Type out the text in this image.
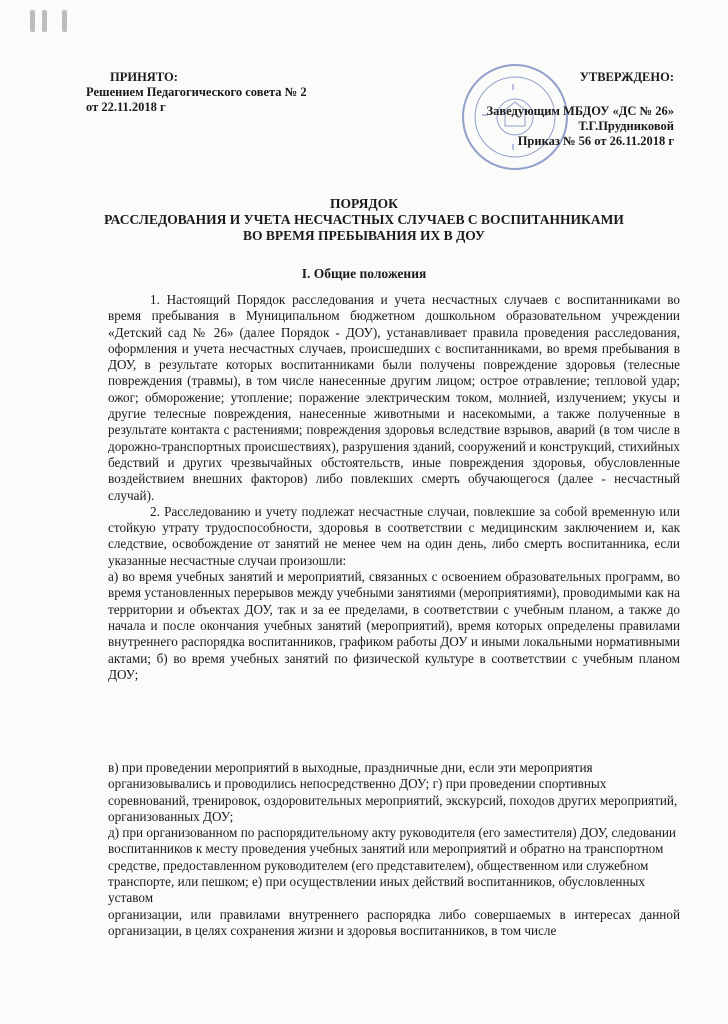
ПРИНЯТО:
Решением Педагогического совета № 2
от 22.11.2018 г
УТВЕРЖДЕНО:
Заведующим МБДОУ «ДС № 26»
Т.Г.Прудниковой
Приказ № 56 от 26.11.2018 г
ПОРЯДОК
РАССЛЕДОВАНИЯ И УЧЕТА НЕСЧАСТНЫХ СЛУЧАЕВ С ВОСПИТАННИКАМИ
ВО ВРЕМЯ ПРЕБЫВАНИЯ ИХ В ДОУ
I. Общие положения

1. Настоящий Порядок расследования и учета несчастных случаев с воспитанниками во время пребывания в Муниципальном бюджетном дошкольном образовательном учреждении «Детский сад № 26» (далее Порядок - ДОУ), устанавливает правила проведения расследования, оформления и учета несчастных случаев, происшедших с воспитанниками, во время пребывания в ДОУ, в результате которых воспитанниками были получены повреждение здоровья (телесные повреждения (травмы), в том числе нанесенные другим лицом; острое отравление; тепловой удар; ожог; обморожение; утопление; поражение электрическим током, молнией, излучением; укусы и другие телесные повреждения, нанесенные животными и насекомыми, а также полученные в результате контакта с растениями; повреждения здоровья вследствие взрывов, аварий (в том числе в дорожно-транспортных происшествиях), разрушения зданий, сооружений и конструкций, стихийных бедствий и других чрезвычайных обстоятельств, иные повреждения здоровья, обусловленные воздействием внешних факторов) либо повлекших смерть обучающегося (далее - несчастный случай).

2. Расследованию и учету подлежат несчастные случаи, повлекшие за собой временную или стойкую утрату трудоспособности, здоровья в соответствии с медицинским заключением и, как следствие, освобождение от занятий не менее чем на один день, либо смерть воспитанника, если указанные несчастные случаи произошли:

а) во время учебных занятий и мероприятий, связанных с освоением образовательных программ, во время установленных перерывов между учебными занятиями (мероприятиями), проводимыми как на территории и объектах ДОУ, так и за ее пределами, в соответствии с учебным планом, а также до начала и после окончания учебных занятий (мероприятий), время которых определены правилами внутреннего распорядка воспитанников, графиком работы ДОУ и иными локальными нормативными актами; б) во время учебных занятий по физической культуре в соответствии с учебным планом ДОУ;

в) при проведении мероприятий в выходные, праздничные дни, если эти мероприятия организовывались и проводились непосредственно ДОУ; г) при проведении спортивных соревнований, тренировок, оздоровительных мероприятий, экскурсий, походов других мероприятий, организованных ДОУ;

д) при организованном по распорядительному акту руководителя (его заместителя) ДОУ, следовании воспитанников к месту проведения учебных занятий или мероприятий и обратно на транспортном средстве, предоставленном руководителем (его представителем), общественном или служебном транспорте, или пешком; е) при осуществлении иных действий воспитанников, обусловленных уставом

организации, или правилами внутреннего распорядка либо совершаемых в интересах данной организации, в целях сохранения жизни и здоровья воспитанников, в том числе
